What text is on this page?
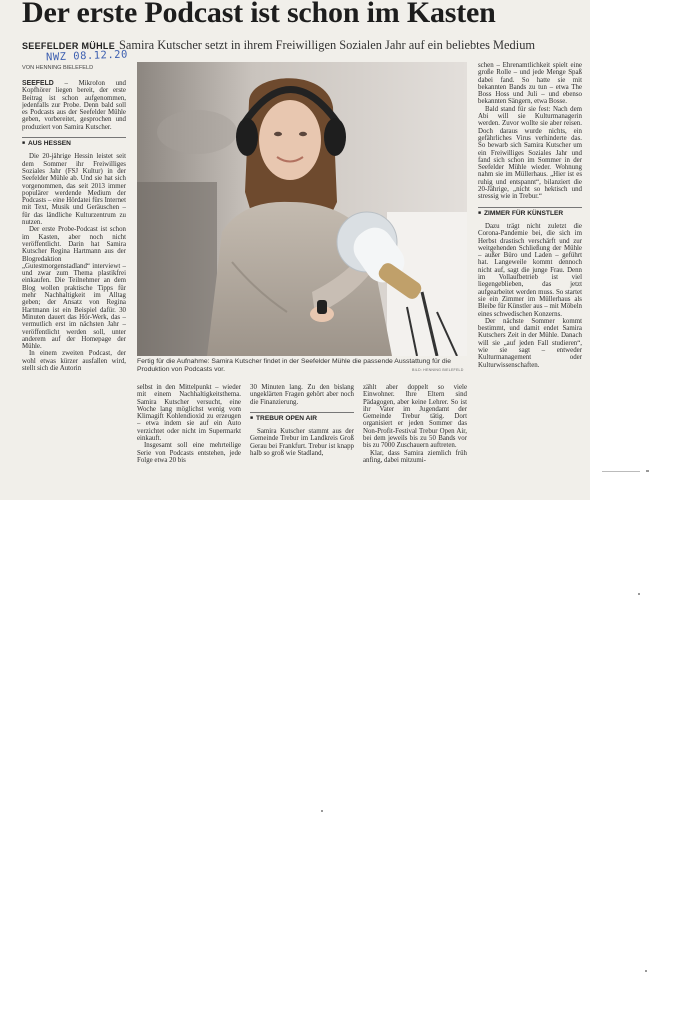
Der erste Podcast ist schon im Kasten
SEEFELDER MÜHLE Samira Kutscher setzt in ihrem Freiwilligen Sozialen Jahr auf ein beliebtes Medium
NWZ 08.12.20
VON HENNING BIELEFELD

SEEFELD – Mikrofon und Kopfhörer liegen bereit, der erste Beitrag ist schon aufgenommen, jedenfalls zur Probe. Denn bald soll es Podcasts aus der Seefelder Mühle geben, vorbereitet, gesprochen und produziert von Samira Kutscher.

■ AUS HESSEN

Die 20-jährige Hessin leistet seit dem Sommer ihr Freiwilliges Soziales Jahr (FSJ Kultur) in der Seefelder Mühle ab. Und sie hat sich vorgenommen, das seit 2013 immer populärer werdende Medium der Podcasts – eine Hördatei fürs Internet mit Text, Musik und Geräuschen – für das ländliche Kulturzentrum zu nutzen.

Der erste Probe-Podcast ist schon im Kasten, aber noch nicht veröffentlicht. Darin hat Samira Kutscher Regina Hartmann aus der Blogredaktion „Gutestmorgenstadland“ interviewt – und zwar zum Thema plastikfrei einkaufen. Die Teilnehmer an dem Blog wollen praktische Tipps für mehr Nachhaltigkeit im Alltag geben; der Ansatz von Regina Hartmann ist ein Beispiel dafür. 30 Minuten dauert das Hör-Werk, das – vermutlich erst im nächsten Jahr – veröffentlicht werden soll, unter anderem auf der Homepage der Mühle.

In einem zweiten Podcast, der wohl etwas kürzer ausfallen wird, stellt sich die Autorin

Fertig für die Aufnahme: Samira Kutscher findet in der Seefelder Mühle die passende Ausstattung für die Produktion von Podcasts vor.	BILD: HENNING BIELEFELD

selbst in den Mittelpunkt – wieder mit einem Nachhaltigkeitsthema. Samira Kutscher versucht, eine Woche lang möglichst wenig vom Klimagift Kohlendioxid zu erzeugen – etwa indem sie auf ein Auto verzichtet oder nicht im Supermarkt einkauft.

Insgesamt soll eine mehrteilige Serie von Podcasts entstehen, jede Folge etwa 20 bis

30 Minuten lang. Zu den bislang ungeklärten Fragen gehört aber noch die Finanzierung.

■ TREBUR OPEN AIR

Samira Kutscher stammt aus der Gemeinde Trebur im Landkreis Groß Gerau bei Frankfurt. Trebur ist knapp halb so groß wie Stadland,

zählt aber doppelt so viele Einwohner. Ihre Eltern sind Pädagogen, aber keine Lehrer. So ist ihr Vater im Jugendamt der Gemeinde Trebur tätig. Dort organisiert er jeden Sommer das Non-Profit-Festival Trebur Open Air, bei dem jeweils bis zu 50 Bands vor bis zu 7000 Zuschauern auftreten.

Klar, dass Samira ziemlich früh anfing, dabei mitzumi-

schen – Ehrenamtlichkeit spielt eine große Rolle – und jede Menge Spaß dabei fand. So hatte sie mit bekannten Bands zu tun – etwa The Boss Hoss und Juli – und ebenso bekannten Sängern, etwa Bosse.

Bald stand für sie fest: Nach dem Abi will sie Kulturmanagerin werden. Zuvor wollte sie aber reisen. Doch daraus wurde nichts, ein gefährliches Virus verhinderte das. So bewarb sich Samira Kutscher um ein Freiwilliges Soziales Jahr und fand sich schon im Sommer in der Seefelder Mühle wieder. Wohnung nahm sie im Müllerhaus. „Hier ist es ruhig und entspannt“, bilanziert die 20-Jährige, „nicht so hektisch und stressig wie in Trebur.“

■ ZIMMER FÜR KÜNSTLER

Dazu trägt nicht zuletzt die Corona-Pandemie bei, die sich im Herbst drastisch verschärft und zur weitgehenden Schließung der Mühle – außer Büro und Laden – geführt hat. Langeweile kommt dennoch nicht auf, sagt die junge Frau. Denn im Vollaufbetrieb ist viel liegengeblieben, das jetzt aufgearbeitet werden muss. So startet sie ein Zimmer im Müllerhaus als Bleibe für Künstler aus – mit Möbeln eines schwedischen Konzerns.

Der nächste Sommer kommt bestimmt, und damit endet Samira Kutschers Zeit in der Mühle. Danach will sie „auf jeden Fall studieren“, wie sie sagt – entweder Kulturmanagement oder Kulturwissenschaften.
